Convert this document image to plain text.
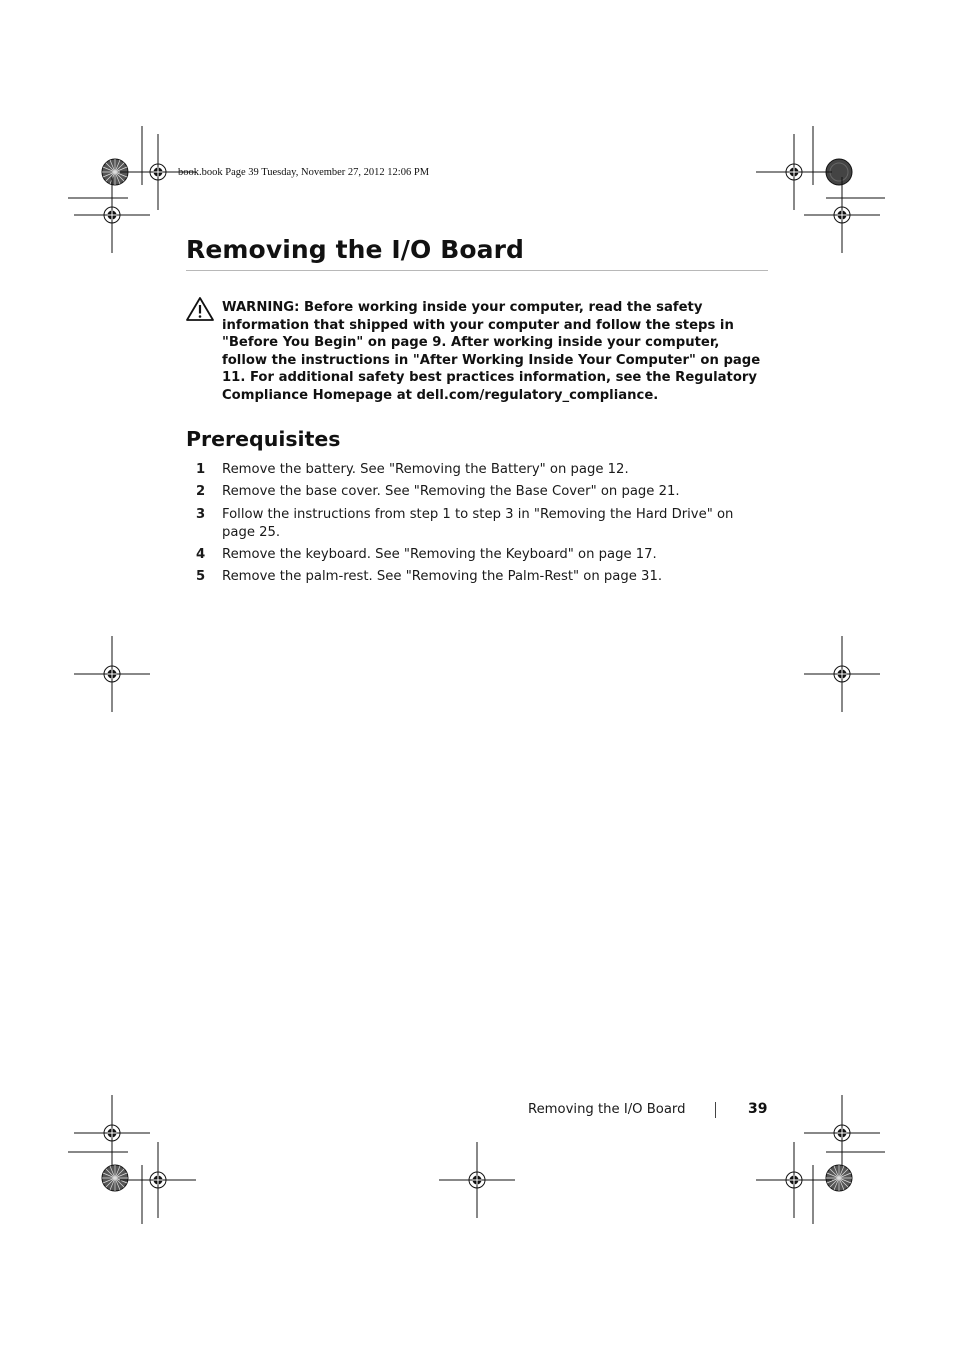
book.book Page 39 Tuesday, November 27, 2012 12:06 PM
Removing the I/O Board
WARNING: Before working inside your computer, read the safety information that shipped with your computer and follow the steps in "Before You Begin" on page 9. After working inside your computer, follow the instructions in "After Working Inside Your Computer" on page 11. For additional safety best practices information, see the Regulatory Compliance Homepage at dell.com/regulatory_compliance.
Prerequisites
1 Remove the battery. See "Removing the Battery" on page 12.
2 Remove the base cover. See "Removing the Base Cover" on page 21.
3 Follow the instructions from step 1 to step 3 in "Removing the Hard Drive" on page 25.
4 Remove the keyboard. See "Removing the Keyboard" on page 17.
5 Remove the palm-rest. See "Removing the Palm-Rest" on page 31.
Removing the I/O Board	39
